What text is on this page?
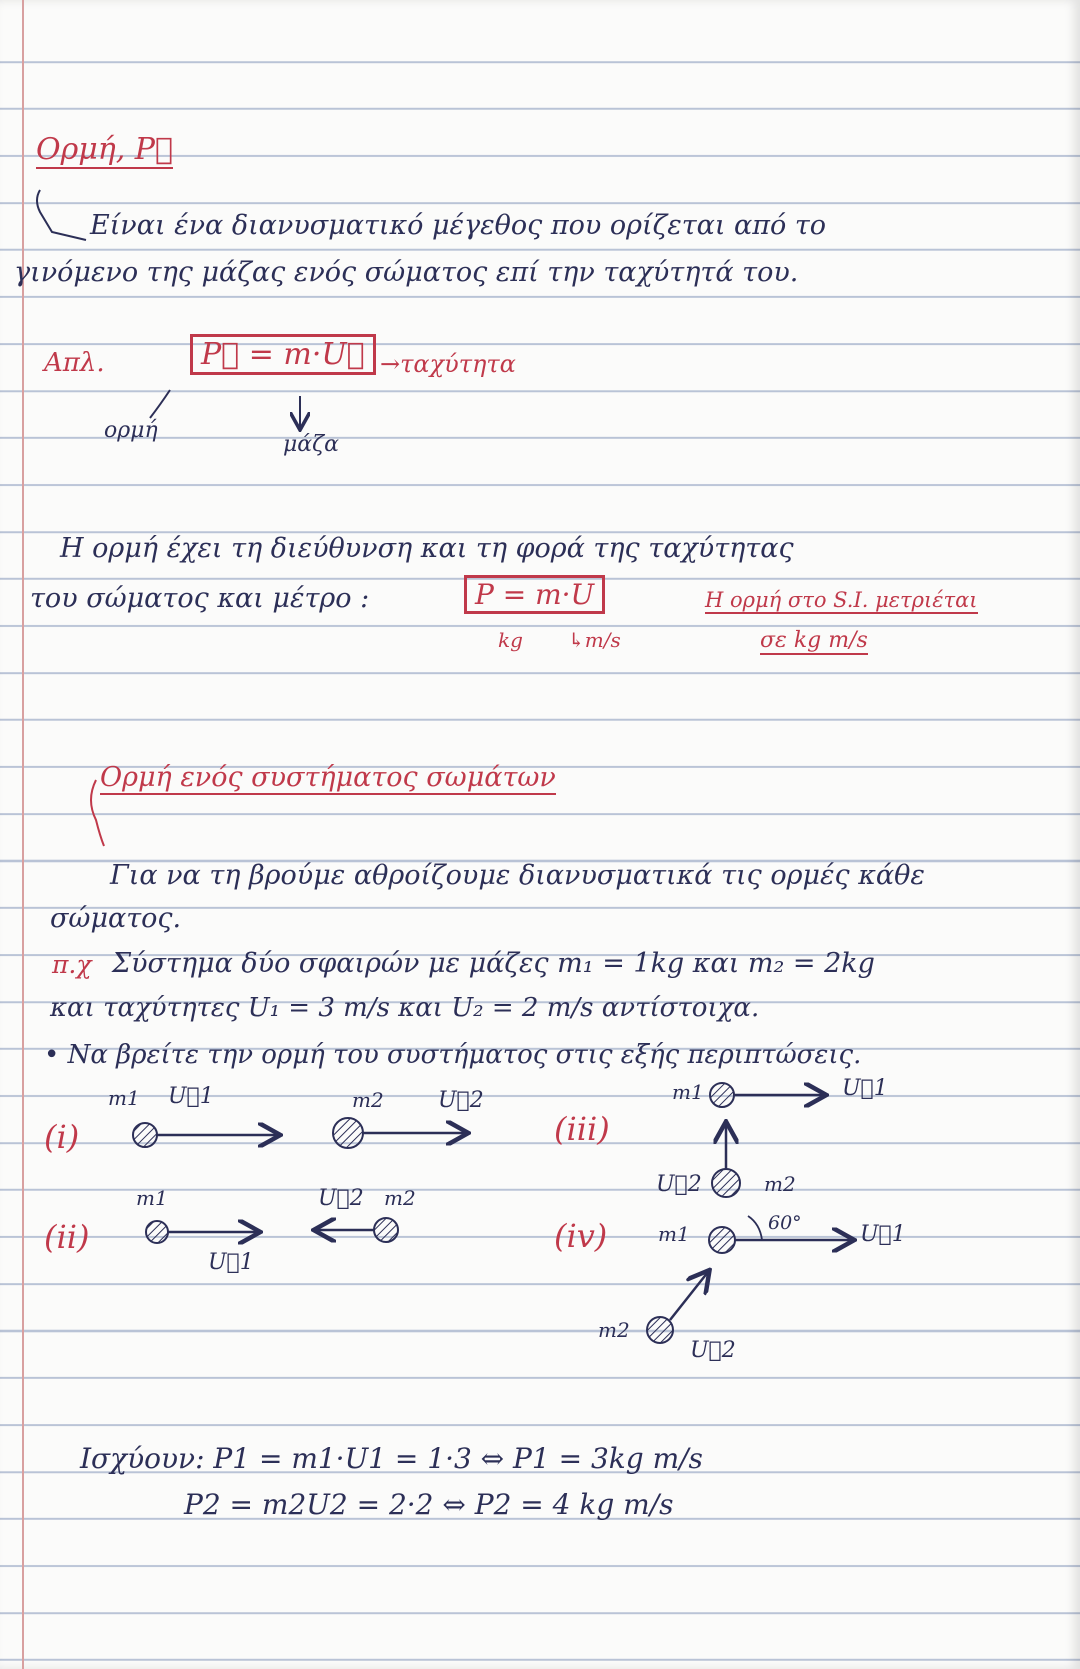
Ορμή, P⃗
Είναι ένα διανυσματικό μέγεθος που ορίζεται από το
γινόμενο της μάζας ενός σώματος επί την ταχύτητά του.
Απλ.	P⃗ = m·U⃗ →ταχύτητα
ορμή
μάζα
Η ορμή έχει τη διεύθυνση και τη φορά της ταχύτητας
του σώματος και μέτρο :	P = m·U
kg ↳m/s
Η ορμή στο S.I. μετριέται
σε kg m/s
Ορμή ενός συστήματος σωμάτων
Για να τη βρούμε αθροίζουμε διανυσματικά τις ορμές κάθε
σώματος.
π.χ Σύστημα δύο σφαιρών με μάζες m₁ = 1kg και m₂ = 2kg
και ταχύτητες U₁ = 3 m/s και U₂ = 2 m/s αντίστοιχα.
• Να βρείτε την ορμή του συστήματος στις εξής περιπτώσεις.
(i)
(ii)
(iii)
(iv)
m1 U⃗1	m2 U⃗2
m1
U⃗1
U⃗2 m2
m1	U⃗1
U⃗2	m2
m1	60°	U⃗1
m2
U⃗2
Ισχύουν: P1 = m1·U1 = 1·3 ⇔ P1 = 3kg m/s
P2 = m2U2 = 2·2 ⇔ P2 = 4 kg m/s
